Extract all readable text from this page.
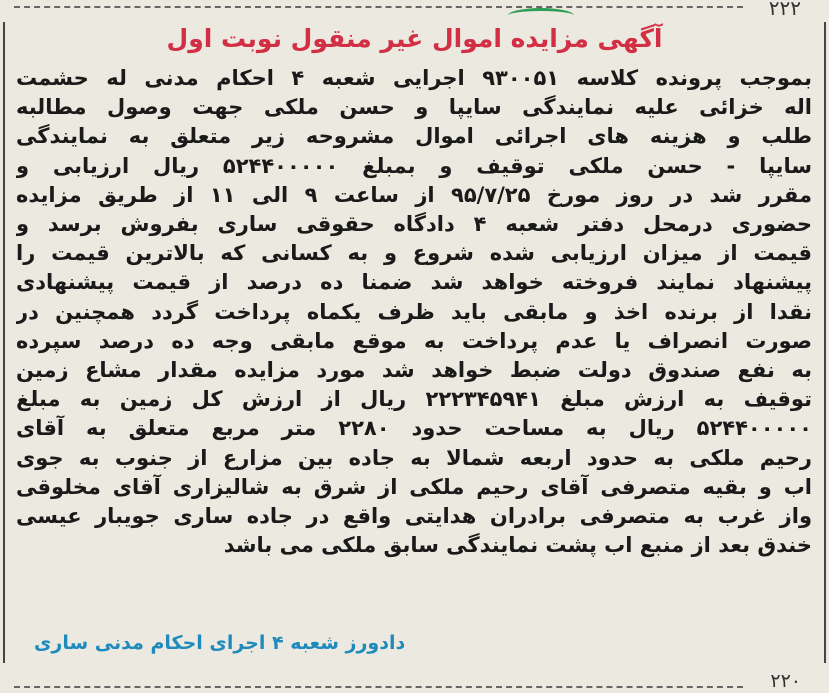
۲۲۲
آگهی مزایده اموال غیر منقول نوبت اول
بموجب پرونده کلاسه ۹۳۰۰۵۱ اجرایی شعبه ۴ احکام مدنی له حشمت
اله خزائی علیه نمایندگی سایپا و حسن ملکی جهت وصول مطالبه
طلب و هزینه های اجرائی اموال مشروحه زیر متعلق به نمایندگی
سایپا - حسن ملکی توقیف و بمبلغ ۵۲۴۴۰۰۰۰۰ ریال ارزیابی و
مقرر شد در روز مورخ ۹۵/۷/۲۵ از ساعت ۹ الی ۱۱ از طریق مزایده
حضوری درمحل دفتر شعبه ۴ دادگاه حقوقی ساری بفروش برسد و
قیمت از میزان ارزیابی شده شروع و به کسانی که بالاترین قیمت را
پیشنهاد نمایند فروخته خواهد شد ضمنا ده درصد از قیمت پیشنهادی
نقدا از برنده اخذ و مابقی باید ظرف یکماه پرداخت گردد همچنین در
صورت انصراف یا عدم پرداخت به موقع مابقی وجه ده درصد سپرده
به نفع صندوق دولت ضبط خواهد شد مورد مزایده مقدار مشاع زمین
توقیف به ارزش مبلغ ۲۲۲۳۴۵۹۴۱ ریال از ارزش کل زمین به مبلغ
۵۲۴۴۰۰۰۰۰ ریال به مساحت حدود ۲۲۸۰ متر مربع متعلق به آقای
رحیم ملکی به حدود اربعه شمالا به جاده بین مزارع از جنوب به جوی
اب و بقیه متصرفی آقای رحیم ملکی از شرق به شالیزاری آقای مخلوقی
واز غرب به متصرفی برادران هدایتی واقع در جاده ساری جویبار عیسی
خندق بعد از منبع اب پشت نمایندگی سابق ملکی می باشد
دادورز شعبه ۴ اجرای احکام مدنی ساری
۲۲۰
